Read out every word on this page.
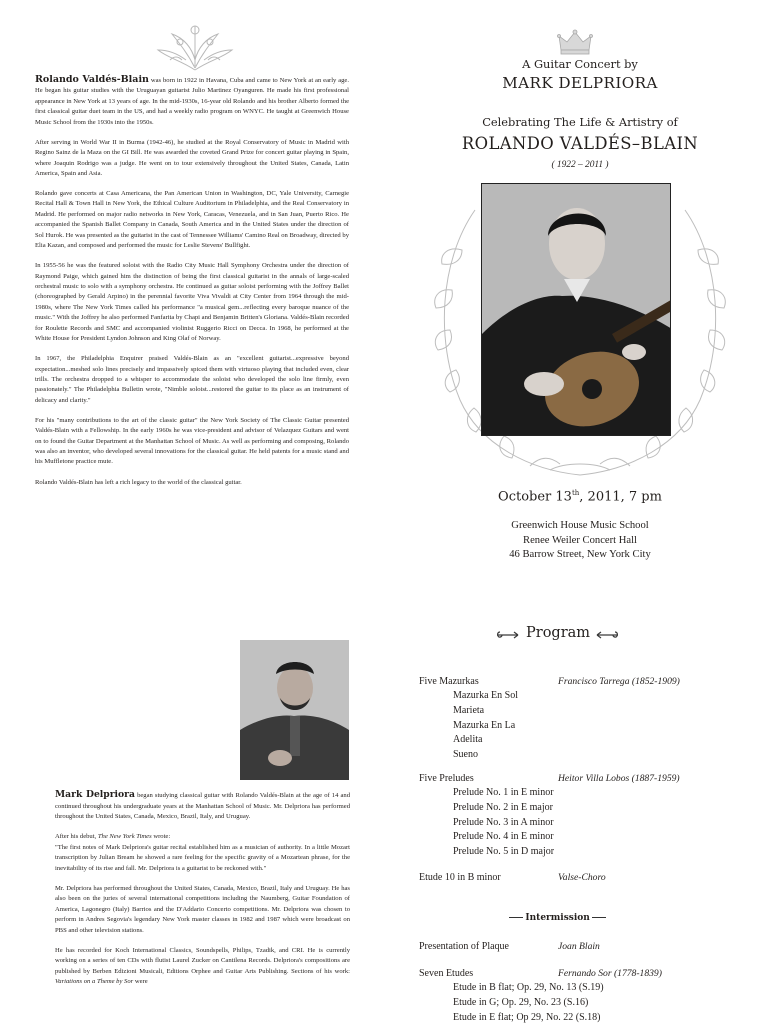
Rolando Valdés-Blain was born in 1922 in Havana, Cuba and came to New York at an early age. He began his guitar studies with the Uruguayan guitarist Julio Martinez Oyanguren. He made his first professional appearance in New York at 13 years of age. In the mid-1930s, 16-year old Rolando and his brother Alberto formed the first classical guitar duet team in the US, and had a weekly radio program on WNYC. He taught at Greenwich House Music School from the 1930s into the 1950s.

After serving in World War II in Burma (1942-46), he studied at the Royal Conservatory of Music in Madrid with Regino Sainz de la Maza on the GI Bill. He was awarded the coveted Grand Prize for concert guitar playing in Spain, where Joaquin Rodrigo was a judge. He went on to tour extensively throughout the United States, Canada, Latin America, Spain and Asia.

Rolando gave concerts at Casa Americana, the Pan American Union in Washington, DC, Yale University, Carnegie Recital Hall & Town Hall in New York, the Ethical Culture Auditorium in Philadelphia, and the Real Conservatory in Madrid. He performed on major radio networks in New York, Caracas, Venezuela, and in San Juan, Puerto Rico. He accompanied the Spanish Ballet Company in Canada, South America and in the United States under the direction of Sol Hurok. He was presented as the guitarist in the cast of Tennessee Williams' Camino Real on Broadway, directed by Elia Kazan, and composed and performed the music for Leslie Stevens' Bullfight.

In 1955-56 he was the featured soloist with the Radio City Music Hall Symphony Orchestra under the direction of Raymond Paige, which gained him the distinction of being the first classical guitarist in the annals of large-scaled orchestral music to solo with a symphony orchestra. He continued as guitar soloist performing with the Joffrey Ballet (choreographed by Gerald Arpino) in the perennial favorite Viva Vivaldi at City Center from 1964 through the mid-1980s, where The New York Times called his performance "a musical gem...reflecting every baroque nuance of the music." With the Joffrey he also performed Fanfarita by Chapi and Benjamin Britten's Gloriana. Valdés-Blain recorded for Roulette Records and SMC and accompanied violinist Ruggerio Ricci on Decca. In 1968, he performed at the White House for President Lyndon Johnson and King Olaf of Norway.

In 1967, the Philadelphia Enquirer praised Valdés-Blain as an "excellent guitarist...expressive beyond expectation...meshed solo lines precisely and impassively spiced them with virtuoso playing that included even, clear trills. The orchestra dropped to a whisper to accommodate the soloist who developed the solo line firmly, even passionately." The Philadelphia Bulletin wrote, "Nimble soloist...restored the guitar to its place as an instrument of delicacy and clarity."

For his "many contributions to the art of the classic guitar" the New York Society of The Classic Guitar presented Valdés-Blain with a Fellowship. In the early 1960s he was vice-president and advisor of Velazquez Guitars and went on to found the Guitar Department at the Manhattan School of Music. As well as performing and composing, Rolando was also an inventor, who developed several innovations for the classical guitar. He held patents for a music stand and his Muffletone practice mute.

Rolando Valdés-Blain has left a rich legacy to the world of the classical guitar.

A Guitar Concert by
MARK DELPRIORA
Celebrating The Life & Artistry of
ROLANDO VALDÉS–BLAIN
( 1922 – 2011 )
October 13th, 2011, 7 pm
Greenwich House Music School
Renee Weiler Concert Hall
46 Barrow Street, New York City

Mark Delpriora began studying classical guitar with Rolando Valdés-Blain at the age of 14 and continued throughout his undergraduate years at the Manhattan School of Music. Mr. Delpriora has performed throughout the United States, Canada, Mexico, Brazil, Italy, and Uruguay.

After his debut, The New York Times wrote:

"The first notes of Mark Delpriora's guitar recital established him as a musician of authority. In a little Mozart transcription by Julian Bream he showed a rare feeling for the specific gravity of a Mozartean phrase, for the inevitability of its rise and fall. Mr. Delpriora is a guitarist to be reckoned with."

Mr. Delpriora has performed throughout the United States, Canada, Mexico, Brazil, Italy and Uruguay. He has also been on the juries of several international competitions including the Naumberg, Guitar Foundation of America, Lagonegro (Italy) Barrios and the D'Addario Concerto competitions. Mr. Delpriora was chosen to perform in Andres Segovia's legendary New York master classes in 1982 and 1987 which were broadcast on PBS and other television stations.

He has recorded for Koch International Classics, Soundspells, Philips, Tzadik, and CRI. He is currently working on a series of ten CDs with flutist Laurel Zucker on Cantilena Records. Delpriora's compositions are published by Berben Edizioni Musicali, Editions Orphee and Guitar Arts Publishing. Sections of his work: Variations on a Theme by Sor were

Program
Five Mazurkas	Francisco Tarrega (1852-1909)
Mazurka En Sol
Marieta
Mazurka En La
Adelita
Sueno
Five Preludes	Heitor Villa Lobos (1887-1959)
Prelude No. 1 in E minor
Prelude No. 2 in E major
Prelude No. 3 in A minor
Prelude No. 4 in E minor
Prelude No. 5 in D major
Etude 10 in B minor	Valse-Choro
Intermission
Presentation of Plaque	Joan Blain
Seven Etudes	Fernando Sor (1778-1839)
Etude in B flat; Op. 29, No. 13 (S.19)
Etude in G; Op. 29, No. 23 (S.16)
Etude in E flat; Op 29, No. 22 (S.18)
